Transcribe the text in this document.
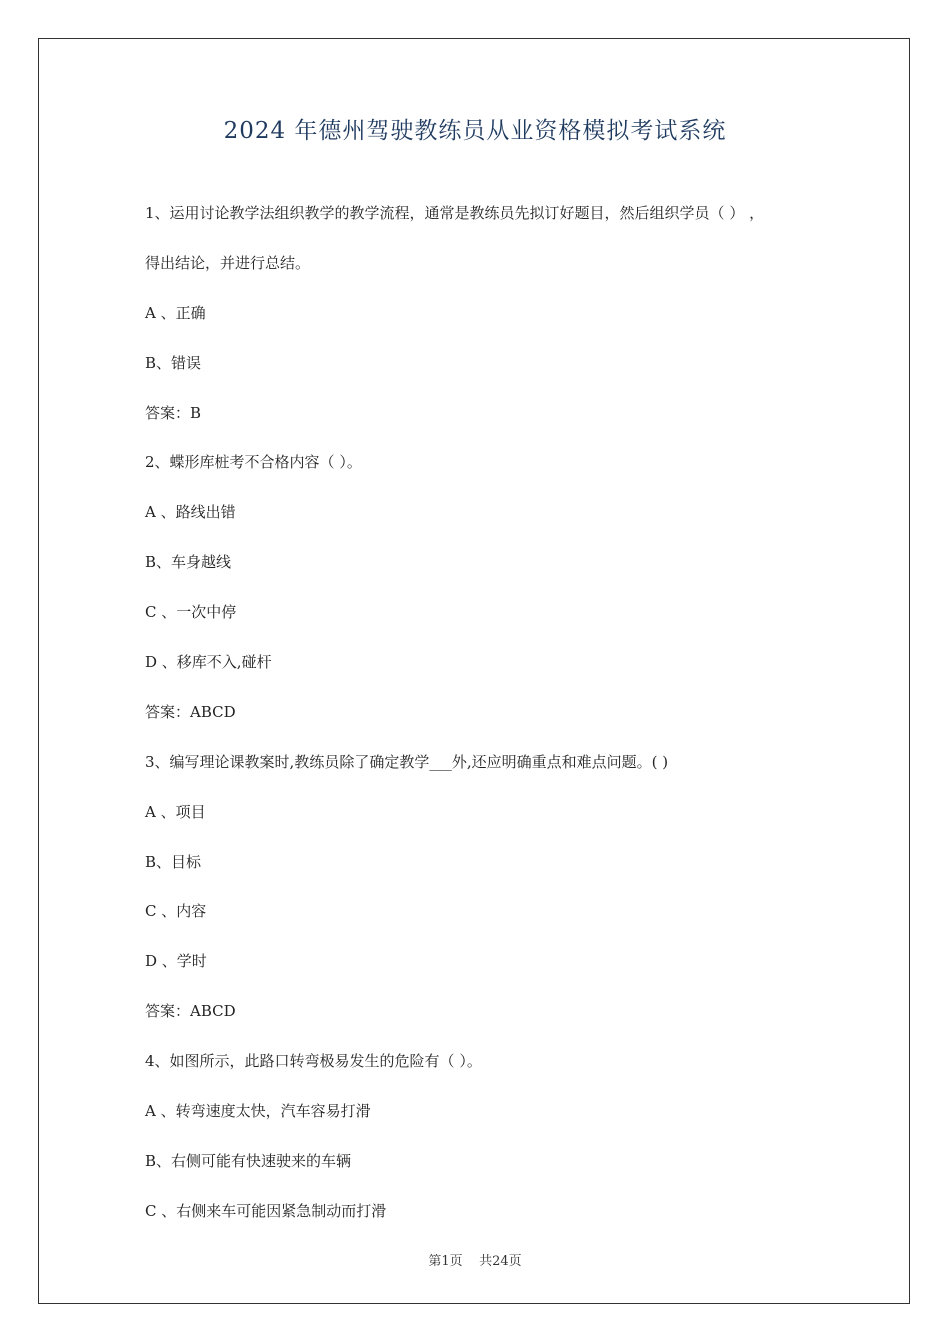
2024 年德州驾驶教练员从业资格模拟考试系统
1、运用讨论教学法组织教学的教学流程，通常是教练员先拟订好题目，然后组织学员（ ） ，
得出结论，并进行总结。
A 、正确
B、错误
答案：B
2、蝶形库桩考不合格内容（ ）。
A 、路线出错
B、车身越线
C 、一次中停
D 、移库不入,碰杆
答案：ABCD
3、编写理论课教案时,教练员除了确定教学___外,还应明确重点和难点问题。( )
A 、项目
B、目标
C 、内容
D 、学时
答案：ABCD
4、如图所示，此路口转弯极易发生的危险有（ ）。
A 、转弯速度太快，汽车容易打滑
B、右侧可能有快速驶来的车辆
C 、右侧来车可能因紧急制动而打滑
第1页    共24页
